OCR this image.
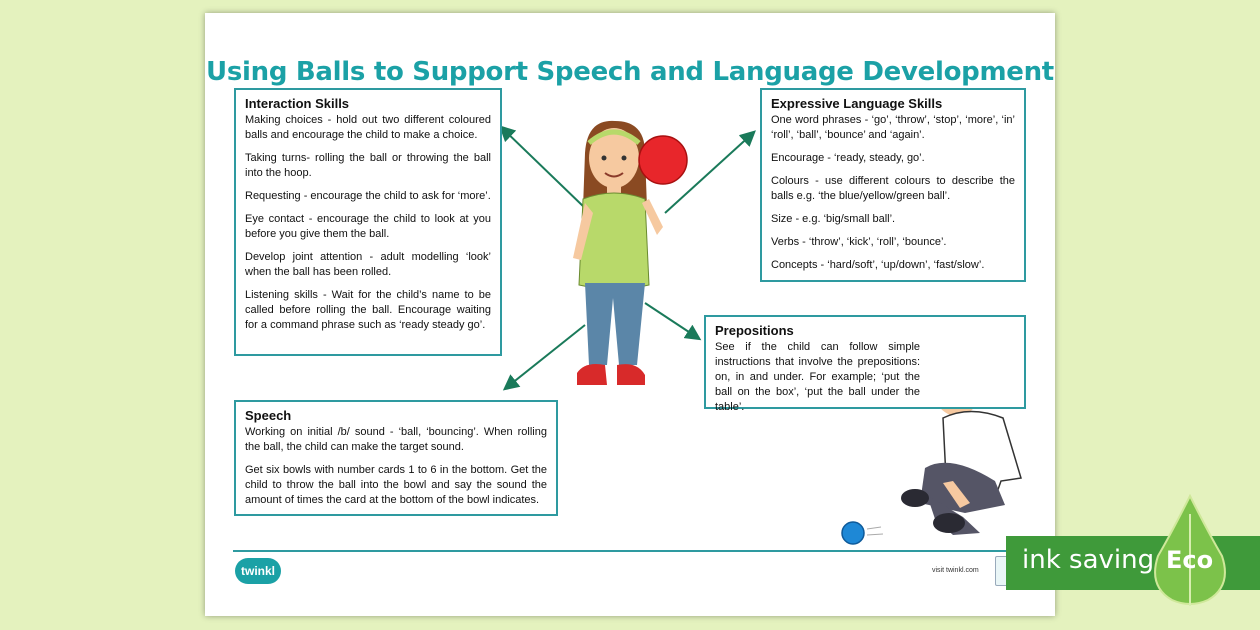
Using Balls to Support Speech and Language Development
Interaction Skills

Making choices - hold out two different coloured balls and encourage the child to make a choice.

Taking turns- rolling the ball or throwing the ball into the hoop.

Requesting - encourage the child to ask for ‘more’.

Eye contact - encourage the child to look at you before you give them the ball.

Develop joint attention - adult modelling ‘look’ when the ball has been rolled.

Listening skills - Wait for the child’s name to be called before rolling the ball. Encourage waiting for a command phrase such as ‘ready steady go’.

Expressive Language Skills

One word phrases - ‘go’, ‘throw’, ‘stop’, ‘more’, ‘in’ ‘roll’, ‘ball’, ‘bounce’ and ‘again’.

Encourage - ‘ready, steady, go’.

Colours - use different colours to describe the balls e.g. ‘the blue/yellow/green ball’.

Size - e.g. ‘big/small ball’.

Verbs - ‘throw’, ‘kick’, ‘roll’, ‘bounce’.

Concepts - ‘hard/soft’, ‘up/down’, ‘fast/slow’.

Prepositions

See if the child can follow simple instructions that involve the prepositions: on, in and under. For example; ‘put the ball on the box’, ‘put the ball under the table’.

Speech

Working on initial /b/ sound - ‘ball, ‘bouncing’. When rolling the ball, the child can make the target sound.

Get six bowls with number cards 1 to 6 in the bottom. Get the child to throw the ball into the bowl and say the sound the amount of times the card at the bottom of the bowl indicates.

twinkl	visit twinkl.com ink saving Eco
